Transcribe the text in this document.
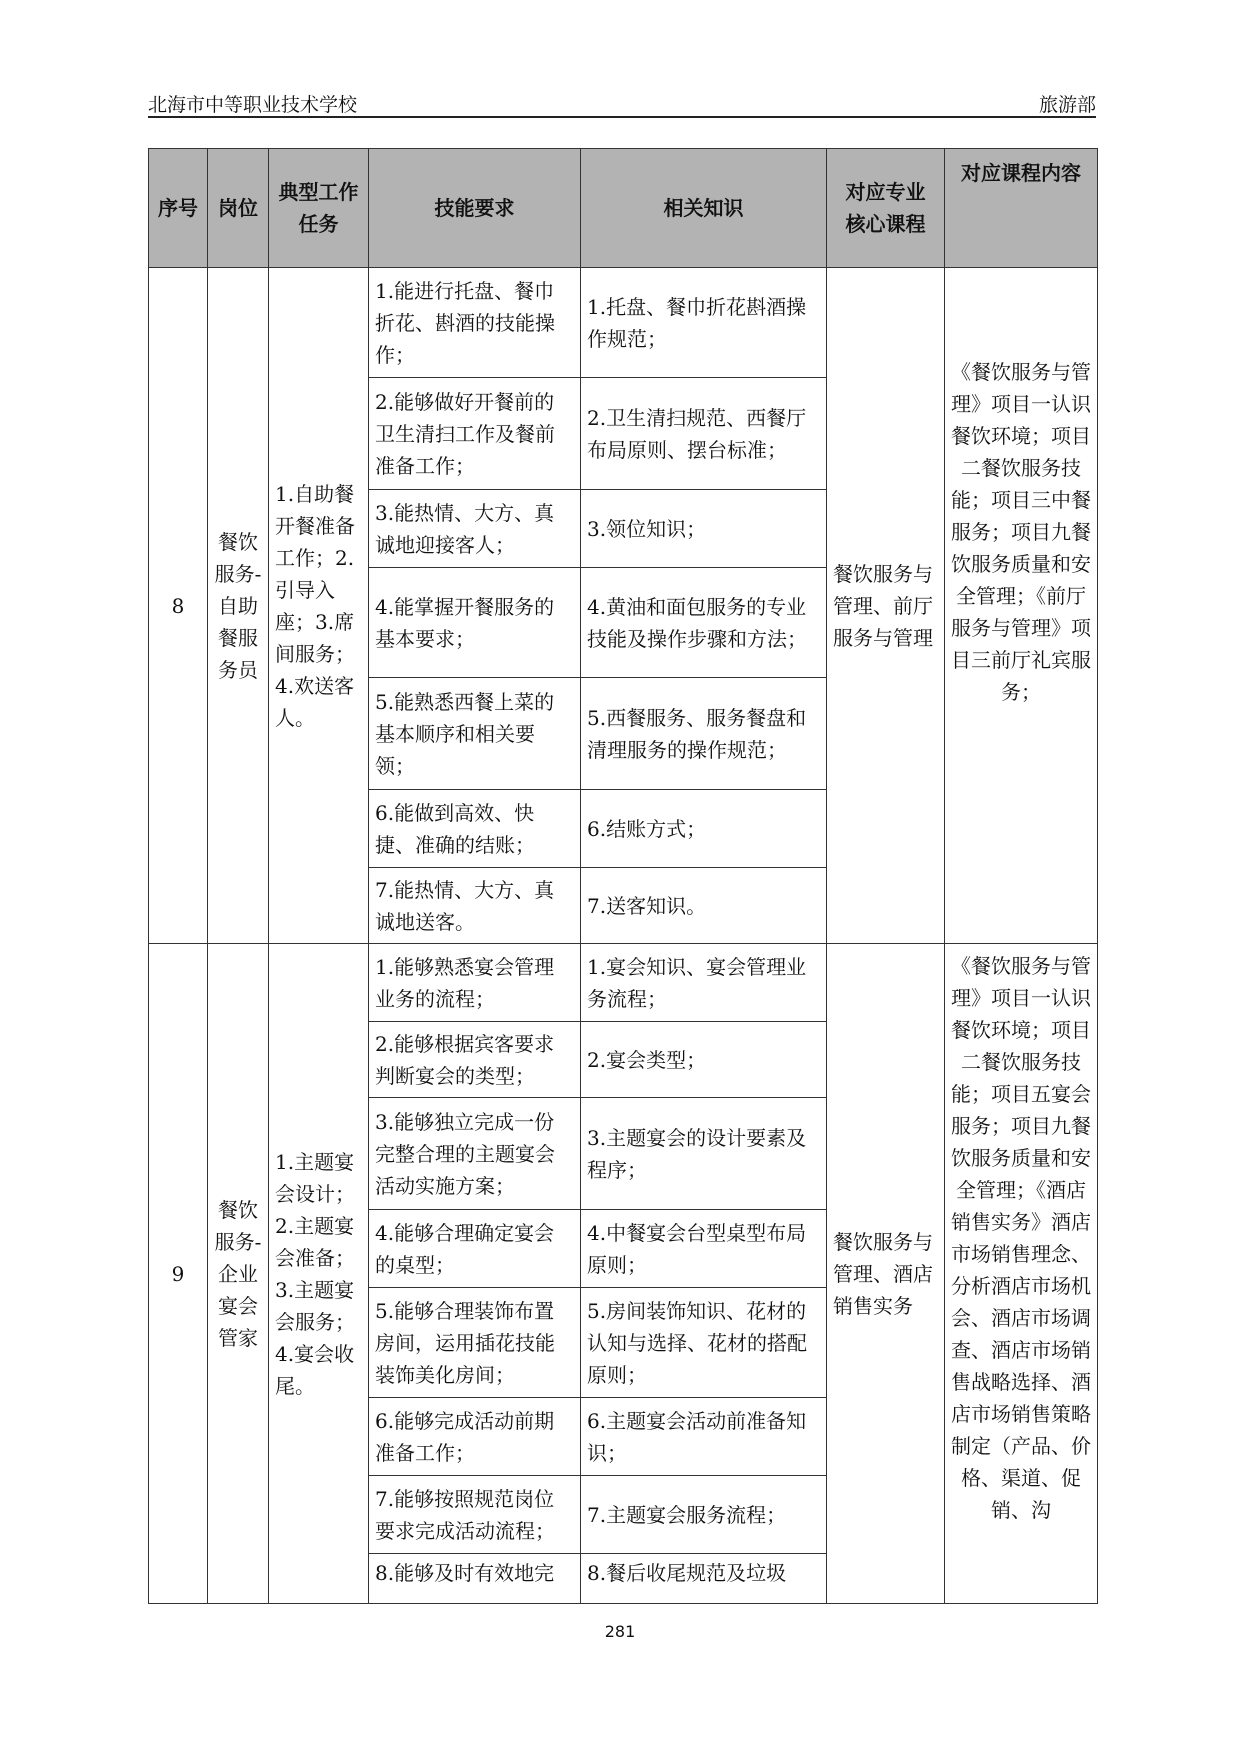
北海市中等职业技术学校	旅游部
序号	岗位	典型工作任务	技能要求	相关知识	对应专业核心课程	对应课程内容
8	餐饮服务-自助餐服务员	1.自助餐开餐准备工作；2.引导入座；3.席间服务；4.欢送客人。	1.能进行托盘、餐巾折花、斟酒的技能操作；	1.托盘、餐巾折花斟酒操作规范；	餐饮服务与管理、前厅服务与管理	《餐饮服务与管理》项目一认识餐饮环境；项目二餐饮服务技能；项目三中餐服务；项目九餐饮服务质量和安全管理；《前厅服务与管理》项目三前厅礼宾服务；
			2.能够做好开餐前的卫生清扫工作及餐前准备工作；	2.卫生清扫规范、西餐厅布局原则、摆台标准；		
			3.能热情、大方、真诚地迎接客人；	3.领位知识；		
			4.能掌握开餐服务的基本要求；	4.黄油和面包服务的专业技能及操作步骤和方法；		
			5.能熟悉西餐上菜的基本顺序和相关要领；	5.西餐服务、服务餐盘和清理服务的操作规范；		
			6.能做到高效、快捷、准确的结账；	6.结账方式；		
			7.能热情、大方、真诚地送客。	7.送客知识。		
9	餐饮服务-企业宴会管家	1.主题宴会设计；2.主题宴会准备；3.主题宴会服务；4.宴会收尾。	1.能够熟悉宴会管理业务的流程；	1.宴会知识、宴会管理业务流程；	餐饮服务与管理、酒店销售实务	《餐饮服务与管理》项目一认识餐饮环境；项目二餐饮服务技能；项目五宴会服务；项目九餐饮服务质量和安全管理；《酒店销售实务》酒店市场销售理念、分析酒店市场机会、酒店市场调查、酒店市场销售战略选择、酒店市场销售策略制定（产品、价格、渠道、促销、沟
			2.能够根据宾客要求判断宴会的类型；	2.宴会类型；		
			3.能够独立完成一份完整合理的主题宴会活动实施方案；	3.主题宴会的设计要素及程序；		
			4.能够合理确定宴会的桌型；	4.中餐宴会台型桌型布局原则；		
			5.能够合理装饰布置房间，运用插花技能装饰美化房间；	5.房间装饰知识、花材的认知与选择、花材的搭配原则；		
			6.能够完成活动前期准备工作；	6.主题宴会活动前准备知识；		
			7.能够按照规范岗位要求完成活动流程；	7.主题宴会服务流程；		
			8.能够及时有效地完	8.餐后收尾规范及垃圾		
281
